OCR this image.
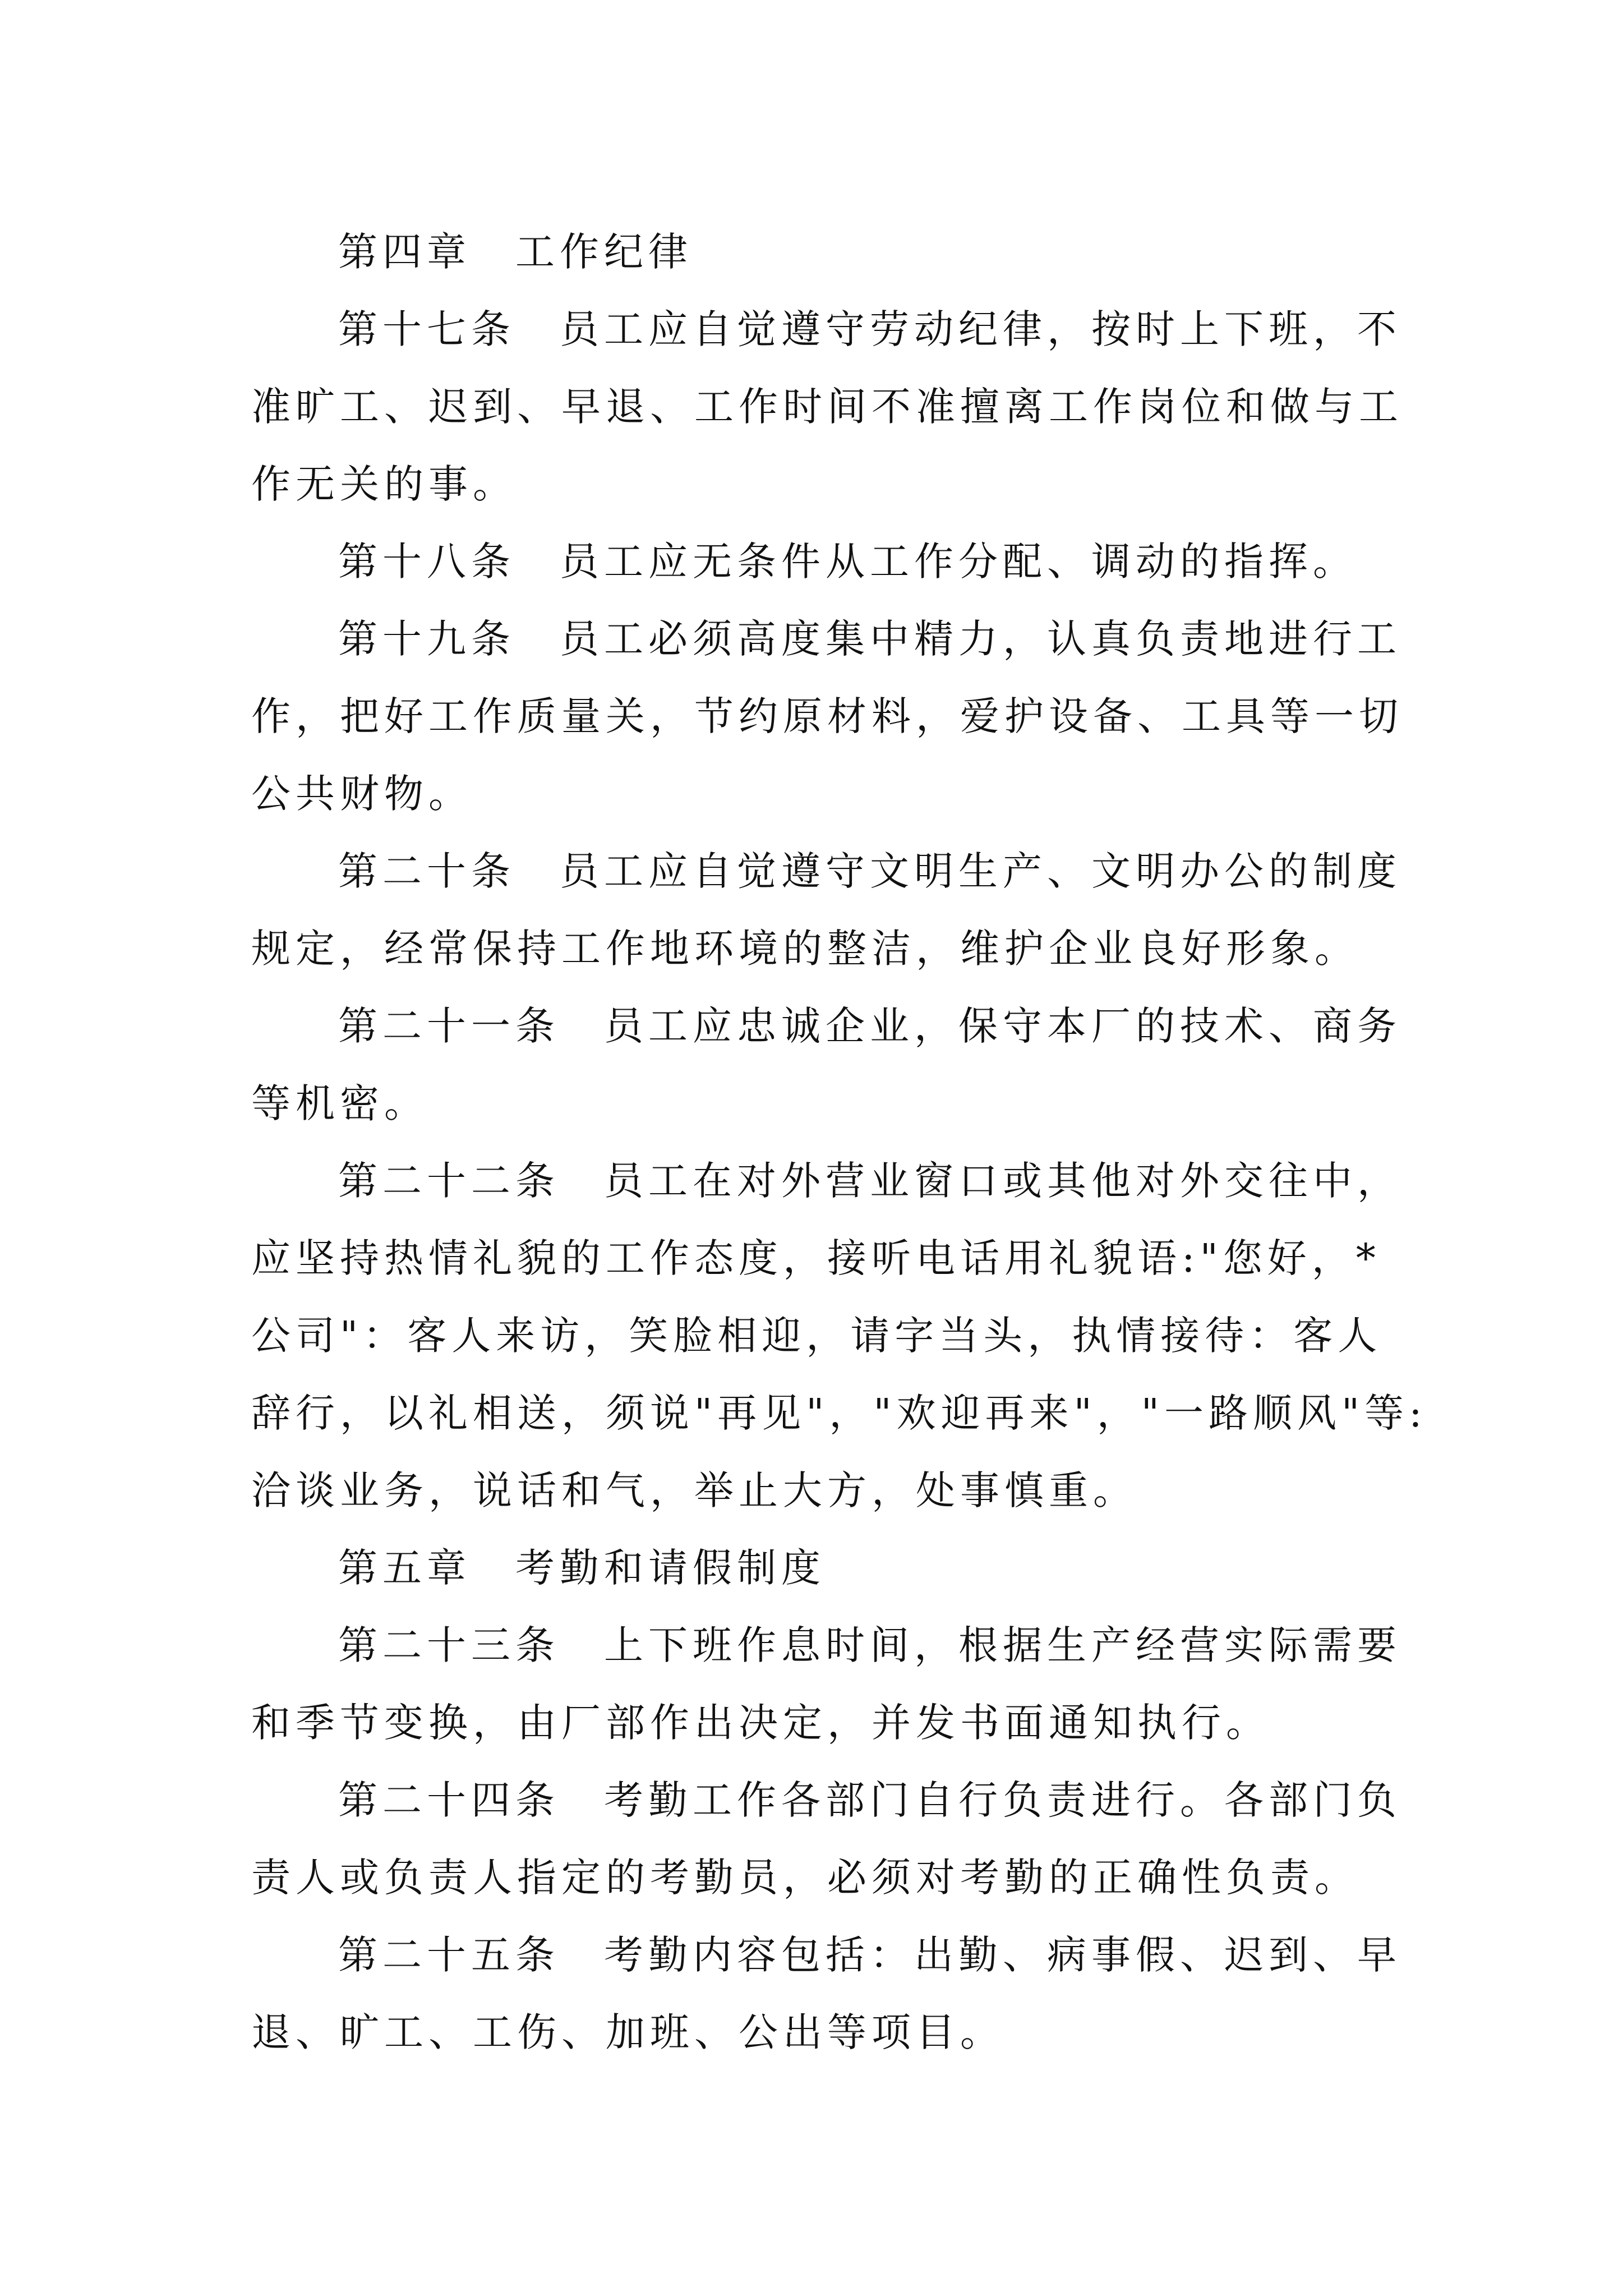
第四章　工作纪律

第十七条　员工应自觉遵守劳动纪律，按时上下班，不
准旷工、迟到、早退、工作时间不准擅离工作岗位和做与工
作无关的事。

第十八条　员工应无条件从工作分配、调动的指挥。

第十九条　员工必须高度集中精力，认真负责地进行工
作，把好工作质量关，节约原材料，爱护设备、工具等一切
公共财物。

第二十条　员工应自觉遵守文明生产、文明办公的制度
规定，经常保持工作地环境的整洁，维护企业良好形象。

第二十一条　员工应忠诚企业，保守本厂的技术、商务
等机密。

第二十二条　员工在对外营业窗口或其他对外交往中，
应坚持热情礼貌的工作态度，接听电话用礼貌语:"您好，*
公司"：客人来访，笑脸相迎，请字当头，执情接待：客人
辞行，以礼相送，须说"再见"，"欢迎再来"，"一路顺风"等:
洽谈业务，说话和气，举止大方，处事慎重。

第五章　考勤和请假制度

第二十三条　上下班作息时间，根据生产经营实际需要
和季节变换，由厂部作出决定，并发书面通知执行。

第二十四条　考勤工作各部门自行负责进行。各部门负
责人或负责人指定的考勤员，必须对考勤的正确性负责。

第二十五条　考勤内容包括：出勤、病事假、迟到、早
退、旷工、工伤、加班、公出等项目。
